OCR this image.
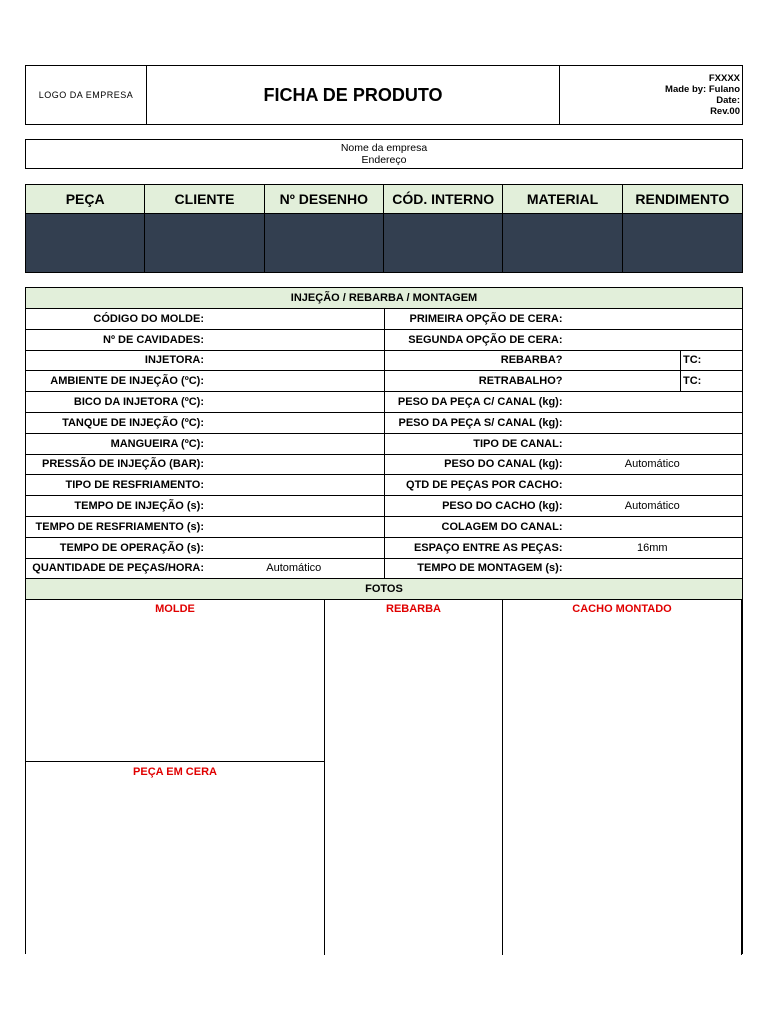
LOGO DA EMPRESA	FICHA DE PRODUTO
FXXXX
Made by: Fulano
Date:
Rev.00
Nome da empresa
Endereço
PEÇA	CLIENTE	Nº DESENHO	CÓD. INTERNO	MATERIAL	RENDIMENTO
INJEÇÃO / REBARBA / MONTAGEM
CÓDIGO DO MOLDE:	PRIMEIRA OPÇÃO DE CERA:
Nº DE CAVIDADES:	SEGUNDA OPÇÃO DE CERA:
INJETORA:	REBARBA?	TC:
AMBIENTE DE INJEÇÃO (ºC):	RETRABALHO?	TC:
BICO DA INJETORA (ºC):	PESO DA PEÇA C/ CANAL (kg):
TANQUE DE INJEÇÃO (ºC):	PESO DA PEÇA S/ CANAL (kg):
MANGUEIRA (ºC):	TIPO DE CANAL:
PRESSÃO DE INJEÇÃO (BAR):	PESO DO CANAL (kg):	Automático
TIPO DE RESFRIAMENTO:	QTD DE PEÇAS POR CACHO:
TEMPO DE INJEÇÃO (s):	PESO DO CACHO (kg):	Automático
TEMPO DE RESFRIAMENTO (s):	COLAGEM DO CANAL:
TEMPO DE OPERAÇÃO (s):	ESPAÇO ENTRE AS PEÇAS:	16mm
QUANTIDADE DE PEÇAS/HORA:	Automático	TEMPO DE MONTAGEM (s):
FOTOS
MOLDE
PEÇA EM CERA
REBARBA	CACHO MONTADO
